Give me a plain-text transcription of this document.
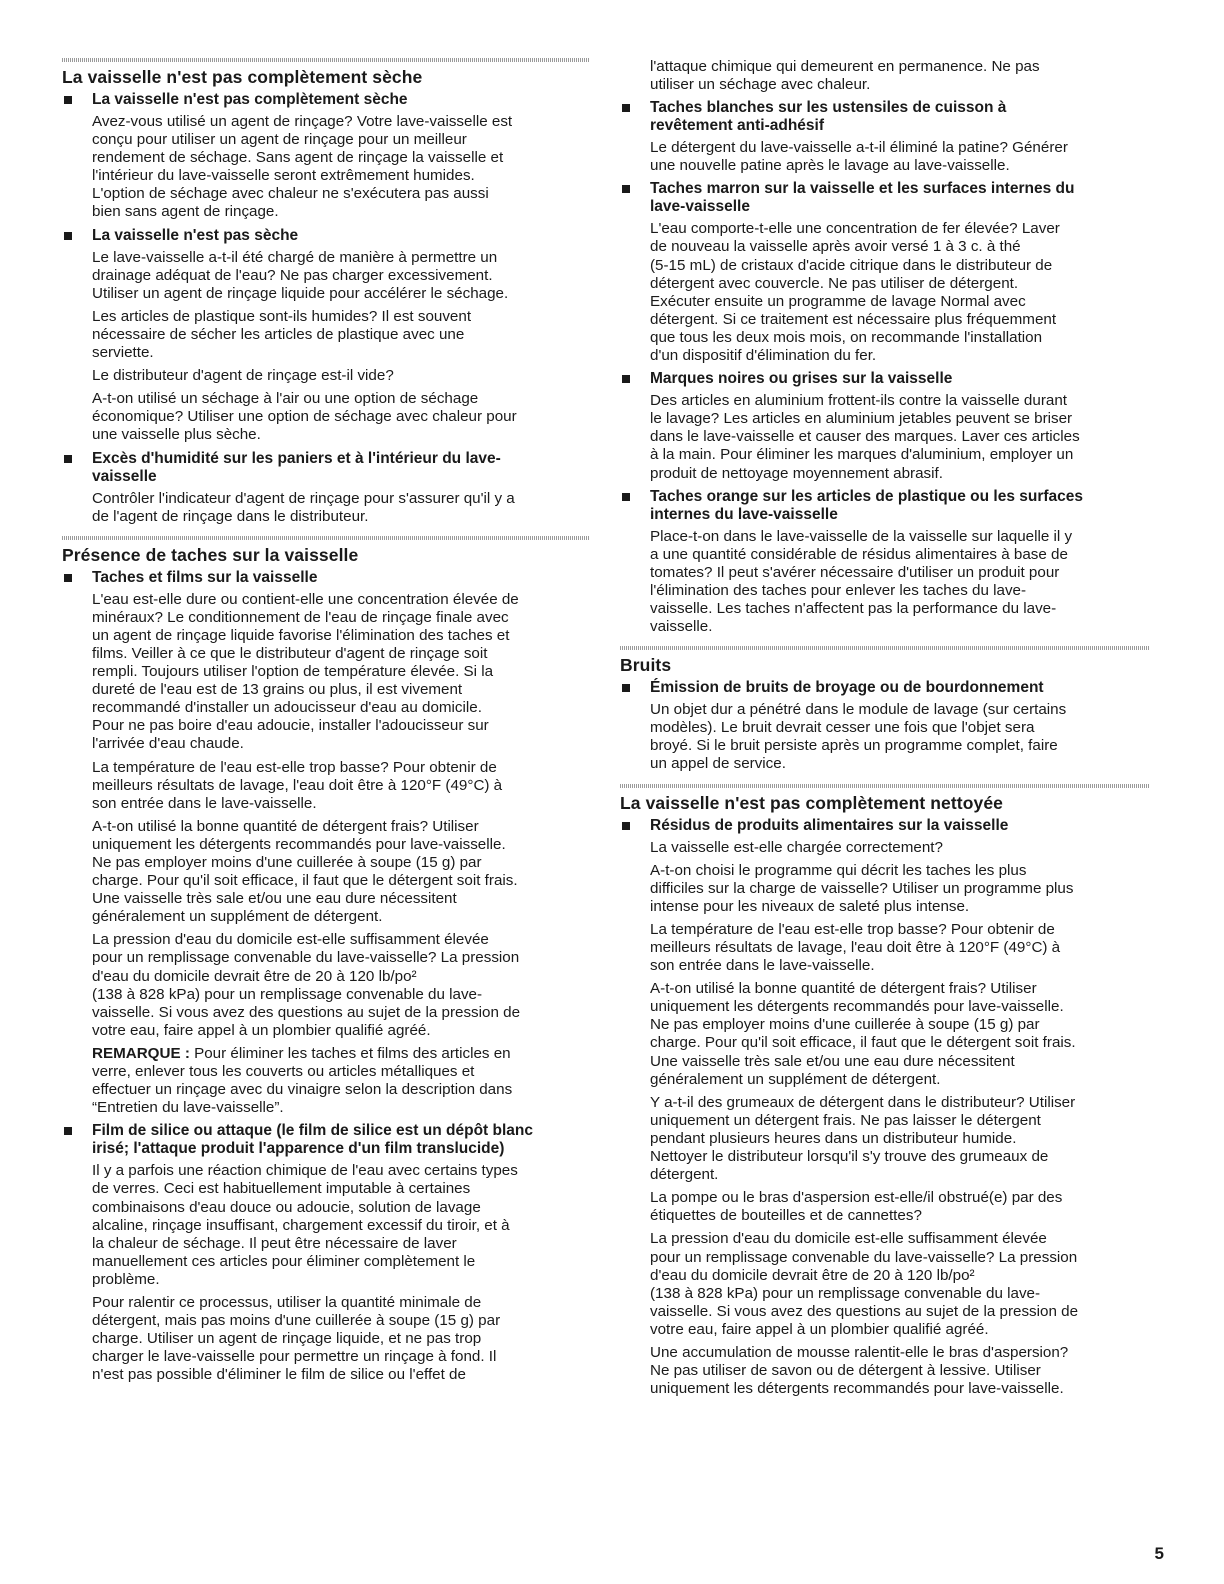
La vaisselle n'est pas complètement sèche
La vaisselle n'est pas complètement sèche
Avez-vous utilisé un agent de rinçage? Votre lave-vaisselle est
conçu pour utiliser un agent de rinçage pour un meilleur
rendement de séchage. Sans agent de rinçage la vaisselle et
l'intérieur du lave-vaisselle seront extrêmement humides.
L'option de séchage avec chaleur ne s'exécutera pas aussi
bien sans agent de rinçage.
La vaisselle n'est pas sèche
Le lave-vaisselle a-t-il été chargé de manière à permettre un
drainage adéquat de l'eau? Ne pas charger excessivement.
Utiliser un agent de rinçage liquide pour accélérer le séchage.
Les articles de plastique sont-ils humides? Il est souvent
nécessaire de sécher les articles de plastique avec une
serviette.
Le distributeur d'agent de rinçage est-il vide?
A-t-on utilisé un séchage à l'air ou une option de séchage
économique? Utiliser une option de séchage avec chaleur pour
une vaisselle plus sèche.
Excès d'humidité sur les paniers et à l'intérieur du lave-
vaisselle
Contrôler l'indicateur d'agent de rinçage pour s'assurer qu'il y a
de l'agent de rinçage dans le distributeur.
Présence de taches sur la vaisselle
Taches et films sur la vaisselle
L'eau est-elle dure ou contient-elle une concentration élevée de
minéraux? Le conditionnement de l'eau de rinçage finale avec
un agent de rinçage liquide favorise l'élimination des taches et
films. Veiller à ce que le distributeur d'agent de rinçage soit
rempli. Toujours utiliser l'option de température élevée. Si la
dureté de l'eau est de 13 grains ou plus, il est vivement
recommandé d'installer un adoucisseur d'eau au domicile.
Pour ne pas boire d'eau adoucie, installer l'adoucisseur sur
l'arrivée d'eau chaude.
La température de l'eau est-elle trop basse? Pour obtenir de
meilleurs résultats de lavage, l'eau doit être à 120°F (49°C) à
son entrée dans le lave-vaisselle.
A-t-on utilisé la bonne quantité de détergent frais? Utiliser
uniquement les détergents recommandés pour lave-vaisselle.
Ne pas employer moins d'une cuillerée à soupe (15 g) par
charge. Pour qu'il soit efficace, il faut que le détergent soit frais.
Une vaisselle très sale et/ou une eau dure nécessitent
généralement un supplément de détergent.
La pression d'eau du domicile est-elle suffisamment élevée
pour un remplissage convenable du lave-vaisselle? La pression
d'eau du domicile devrait être de 20 à 120 lb/po²
(138 à 828 kPa) pour un remplissage convenable du lave-
vaisselle. Si vous avez des questions au sujet de la pression de
votre eau, faire appel à un plombier qualifié agréé.
REMARQUE : Pour éliminer les taches et films des articles en
verre, enlever tous les couverts ou articles métalliques et
effectuer un rinçage avec du vinaigre selon la description dans
“Entretien du lave-vaisselle”.
Film de silice ou attaque (le film de silice est un dépôt blanc
irisé; l'attaque produit l'apparence d'un film translucide)
Il y a parfois une réaction chimique de l'eau avec certains types
de verres. Ceci est habituellement imputable à certaines
combinaisons d'eau douce ou adoucie, solution de lavage
alcaline, rinçage insuffisant, chargement excessif du tiroir, et à
la chaleur de séchage. Il peut être nécessaire de laver
manuellement ces articles pour éliminer complètement le
problème.
Pour ralentir ce processus, utiliser la quantité minimale de
détergent, mais pas moins d'une cuillerée à soupe (15 g) par
charge. Utiliser un agent de rinçage liquide, et ne pas trop
charger le lave-vaisselle pour permettre un rinçage à fond. Il
n'est pas possible d'éliminer le film de silice ou l'effet de
l'attaque chimique qui demeurent en permanence. Ne pas
utiliser un séchage avec chaleur.
Taches blanches sur les ustensiles de cuisson à
revêtement anti-adhésif
Le détergent du lave-vaisselle a-t-il éliminé la patine? Générer
une nouvelle patine après le lavage au lave-vaisselle.
Taches marron sur la vaisselle et les surfaces internes du
lave-vaisselle
L'eau comporte-t-elle une concentration de fer élevée? Laver
de nouveau la vaisselle après avoir versé 1 à 3 c. à thé
(5-15 mL) de cristaux d'acide citrique dans le distributeur de
détergent avec couvercle. Ne pas utiliser de détergent.
Exécuter ensuite un programme de lavage Normal avec
détergent. Si ce traitement est nécessaire plus fréquemment
que tous les deux mois mois, on recommande l'installation
d'un dispositif d'élimination du fer.
Marques noires ou grises sur la vaisselle
Des articles en aluminium frottent-ils contre la vaisselle durant
le lavage? Les articles en aluminium jetables peuvent se briser
dans le lave-vaisselle et causer des marques. Laver ces articles
à la main. Pour éliminer les marques d'aluminium, employer un
produit de nettoyage moyennement abrasif.
Taches orange sur les articles de plastique ou les surfaces
internes du lave-vaisselle
Place-t-on dans le lave-vaisselle de la vaisselle sur laquelle il y
a une quantité considérable de résidus alimentaires à base de
tomates? Il peut s'avérer nécessaire d'utiliser un produit pour
l'élimination des taches pour enlever les taches du lave-
vaisselle. Les taches n'affectent pas la performance du lave-
vaisselle.
Bruits
Émission de bruits de broyage ou de bourdonnement
Un objet dur a pénétré dans le module de lavage (sur certains
modèles). Le bruit devrait cesser une fois que l'objet sera
broyé. Si le bruit persiste après un programme complet, faire
un appel de service.
La vaisselle n'est pas complètement nettoyée
Résidus de produits alimentaires sur la vaisselle
La vaisselle est-elle chargée correctement?
A-t-on choisi le programme qui décrit les taches les plus
difficiles sur la charge de vaisselle? Utiliser un programme plus
intense pour les niveaux de saleté plus intense.
La température de l'eau est-elle trop basse? Pour obtenir de
meilleurs résultats de lavage, l'eau doit être à 120°F (49°C) à
son entrée dans le lave-vaisselle.
A-t-on utilisé la bonne quantité de détergent frais? Utiliser
uniquement les détergents recommandés pour lave-vaisselle.
Ne pas employer moins d'une cuillerée à soupe (15 g) par
charge. Pour qu'il soit efficace, il faut que le détergent soit frais.
Une vaisselle très sale et/ou une eau dure nécessitent
généralement un supplément de détergent.
Y a-t-il des grumeaux de détergent dans le distributeur? Utiliser
uniquement un détergent frais. Ne pas laisser le détergent
pendant plusieurs heures dans un distributeur humide.
Nettoyer le distributeur lorsqu'il s'y trouve des grumeaux de
détergent.
La pompe ou le bras d'aspersion est-elle/il obstrué(e) par des
étiquettes de bouteilles et de cannettes?
La pression d'eau du domicile est-elle suffisamment élevée
pour un remplissage convenable du lave-vaisselle? La pression
d'eau du domicile devrait être de 20 à 120 lb/po²
(138 à 828 kPa) pour un remplissage convenable du lave-
vaisselle. Si vous avez des questions au sujet de la pression de
votre eau, faire appel à un plombier qualifié agréé.
Une accumulation de mousse ralentit-elle le bras d'aspersion?
Ne pas utiliser de savon ou de détergent à lessive. Utiliser
uniquement les détergents recommandés pour lave-vaisselle.
5
